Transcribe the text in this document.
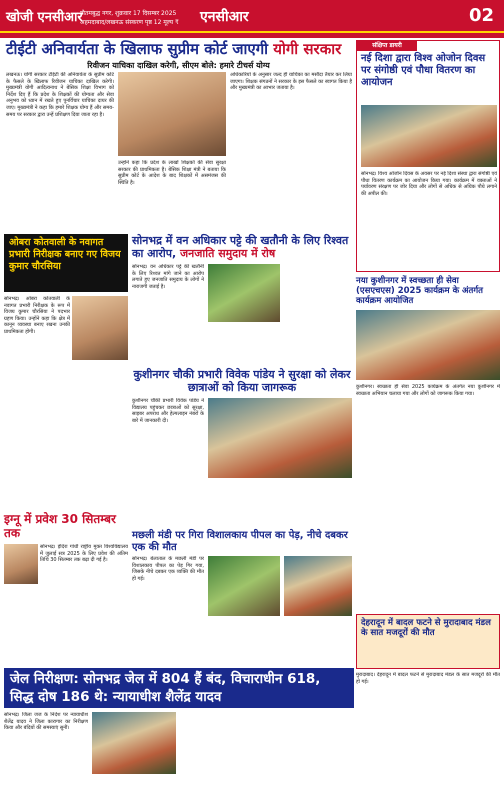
खोजी एनसीआर
गौतमबुद्ध नगर, शुक्रवार 17 दिसम्बर 2025
अहमदाबाद/लखनऊ संस्करण पृष्ठ 12 मूल्य ₹ एनसीआर	02
टीईटी अनिवार्यता के खिलाफ सुप्रीम कोर्ट जाएगी योगी सरकार
रिवीजन याचिका दाखिल करेगी, सीएम बोले: हमारे टीचर्स योग्य
लखनऊ। योगी सरकार टीईटी की अनिवार्यता के सुप्रीम कोर्ट के फैसले के खिलाफ रिवीजन याचिका दाखिल करेगी। मुख्यमंत्री योगी आदित्यनाथ ने बेसिक शिक्षा विभाग को निर्देश दिए हैं कि प्रदेश के शिक्षकों की योग्यता और सेवा अनुभव को ध्यान में रखते हुए पुनर्विचार याचिका दायर की जाए। मुख्यमंत्री ने कहा कि हमारे शिक्षक योग्य हैं और समय-समय पर सरकार द्वारा उन्हें प्रशिक्षण दिया जाता रहा है।
उन्होंने कहा कि प्रदेश के लाखों शिक्षकों की सेवा सुरक्षा सरकार की प्राथमिकता है। बेसिक शिक्षा मंत्री ने बताया कि सुप्रीम कोर्ट के आदेश के बाद शिक्षकों में असमंजस की स्थिति है।
अधिकारियों के अनुसार जल्द ही याचिका का मसौदा तैयार कर लिया जाएगा। शिक्षक संगठनों ने सरकार के इस फैसले का स्वागत किया है और मुख्यमंत्री का आभार जताया है।
संक्षिप्त डायरी
नई दिशा द्वारा विश्व ओजोन दिवस पर संगोष्ठी एवं पौधा वितरण का आयोजन
सोनभद्र। विश्व ओजोन दिवस के अवसर पर नई दिशा संस्था द्वारा संगोष्ठी एवं पौधा वितरण कार्यक्रम का आयोजन किया गया। कार्यक्रम में वक्ताओं ने पर्यावरण संरक्षण पर जोर दिया और लोगों से अधिक से अधिक पौधे लगाने की अपील की।
ओबरा कोतवाली के नवागत प्रभारी निरीक्षक बनाए गए विजय कुमार चौरसिया
सोनभद्र। ओबरा कोतवाली के नवागत प्रभारी निरीक्षक के रूप में विजय कुमार चौरसिया ने पदभार ग्रहण किया। उन्होंने कहा कि क्षेत्र में कानून व्यवस्था बनाए रखना उनकी प्राथमिकता होगी।
इग्नू में प्रवेश 30 सितम्बर तक
सोनभद्र। इंदिरा गांधी राष्ट्रीय मुक्त विश्वविद्यालय में जुलाई सत्र 2025 के लिए प्रवेश की अंतिम तिथि 30 सितम्बर तक बढ़ा दी गई है।
सोनभद्र में वन अधिकार पट्टे की खतौनी के लिए रिश्वत का आरोप, जनजाति समुदाय में रोष
सोनभद्र। वन अधिकार पट्टे की खतौनी के लिए रिश्वत मांगे जाने का आरोप लगाते हुए जनजाति समुदाय के लोगों ने नाराजगी जताई है।
कुशीनगर चौकी प्रभारी विवेक पांडेय ने सुरक्षा को लेकर छात्राओं को किया जागरूक
कुशीनगर चौकी प्रभारी विवेक पांडेय ने विद्यालय पहुंचकर छात्राओं को सुरक्षा, साइबर अपराध और हेल्पलाइन नंबरों के बारे में जानकारी दी।
मछली मंडी पर गिरा विशालकाय पीपल का पेड़, नीचे दबकर एक की मौत
सोनभद्र। बेलाताल के मछली मंडी पर विशालकाय पीपल का पेड़ गिर गया, जिसके नीचे दबकर एक व्यक्ति की मौत हो गई।
नया कुशीनगर में स्वच्छता ही सेवा (एसएचएस) 2025 कार्यक्रम के अंतर्गत कार्यक्रम आयोजित
कुशीनगर। स्वच्छता ही सेवा 2025 कार्यक्रम के अंतर्गत नया कुशीनगर में स्वच्छता अभियान चलाया गया और लोगों को जागरूक किया गया।
देहरादून में बादल फटने से मुरादाबाद मंडल के सात मजदूरों की मौत
मुरादाबाद। देहरादून में बादल फटने से मुरादाबाद मंडल के सात मजदूरों की मौत हो गई।
जेल निरीक्षण: सोनभद्र जेल में 804 हैं बंद, विचाराधीन 618, सिद्ध दोष 186 थे: न्यायाधीश शैलेंद्र यादव
सोनभद्र। जिला जज के निर्देश पर न्यायाधीश शैलेंद्र यादव ने जिला कारागार का निरीक्षण किया और बंदियों की समस्याएं सुनीं।
